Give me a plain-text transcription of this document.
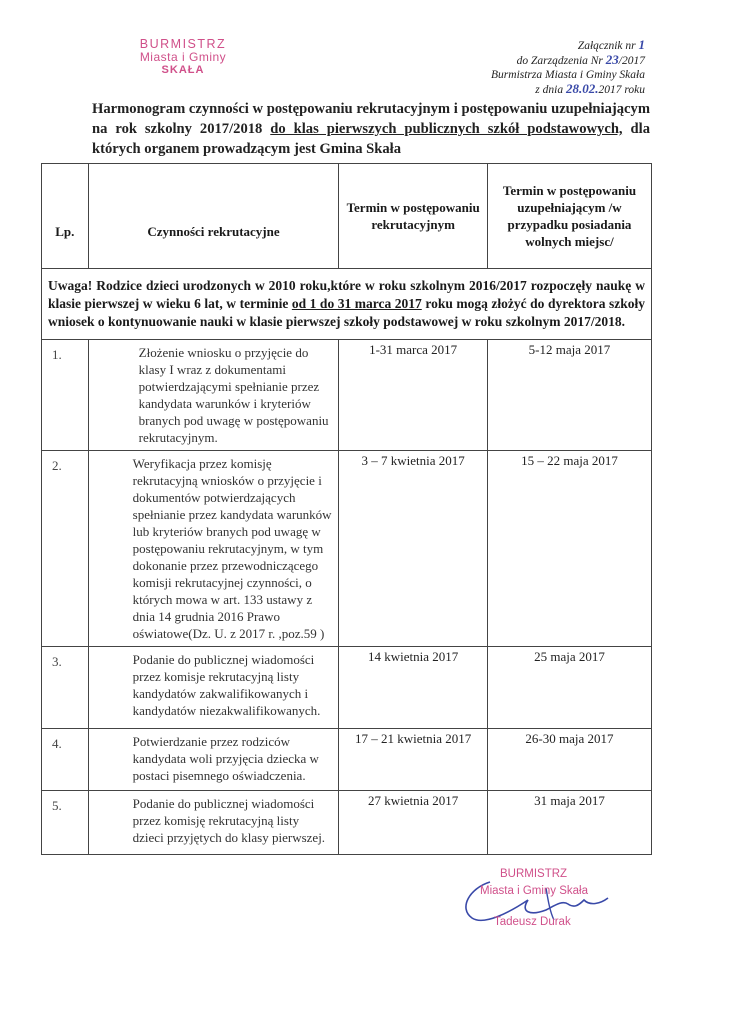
BURMISTRZ
Miasta i Gminy
SKAŁA
Załącznik nr 1
do Zarządzenia Nr 23/2017
Burmistrza Miasta i Gminy Skała
z dnia 28.02.2017 roku
Harmonogram czynności w postępowaniu rekrutacyjnym i postępowaniu uzupełniającym na rok szkolny 2017/2018 do klas pierwszych publicznych szkół podstawowych, dla których organem prowadzącym jest Gmina Skała
Lp.	Czynności rekrutacyjne	Termin w postępowaniu rekrutacyjnym	Termin w postępowaniu uzupełniającym /w przypadku posiadania wolnych miejsc/
Uwaga! Rodzice dzieci urodzonych w 2010 roku,które w roku szkolnym 2016/2017 rozpoczęły naukę w klasie pierwszej w wieku 6 lat, w terminie od 1 do 31 marca 2017 roku mogą złożyć do dyrektora szkoły wniosek o kontynuowanie nauki w klasie pierwszej szkoły podstawowej w roku szkolnym 2017/2018.			
1.	Złożenie wniosku o przyjęcie do klasy I wraz z dokumentami potwierdzającymi spełnianie przez kandydata warunków i kryteriów branych pod uwagę w postępowaniu rekrutacyjnym.	1-31 marca 2017	5-12 maja 2017
2.	Weryfikacja przez komisję rekrutacyjną wniosków o przyjęcie i dokumentów potwierdzających spełnianie przez kandydata warunków lub kryteriów branych pod uwagę w postępowaniu rekrutacyjnym, w tym dokonanie przez przewodniczącego komisji rekrutacyjnej czynności, o których mowa w art. 133 ustawy z dnia 14 grudnia 2016 Prawo oświatowe(Dz. U. z 2017 r. ,poz.59 )	3 – 7 kwietnia 2017	15 – 22 maja 2017
3.	Podanie do publicznej wiadomości przez komisje rekrutacyjną listy kandydatów zakwalifikowanych i kandydatów niezakwalifikowanych.	14 kwietnia 2017	25 maja 2017
4.	Potwierdzanie przez rodziców kandydata woli przyjęcia dziecka w postaci pisemnego oświadczenia.	17 – 21 kwietnia 2017	26-30 maja 2017
5.	Podanie do publicznej wiadomości przez komisję rekrutacyjną listy dzieci przyjętych do klasy pierwszej.	27 kwietnia 2017	31 maja 2017
BURMISTRZ
Miasta i Gminy Skała
Tadeusz Durak
